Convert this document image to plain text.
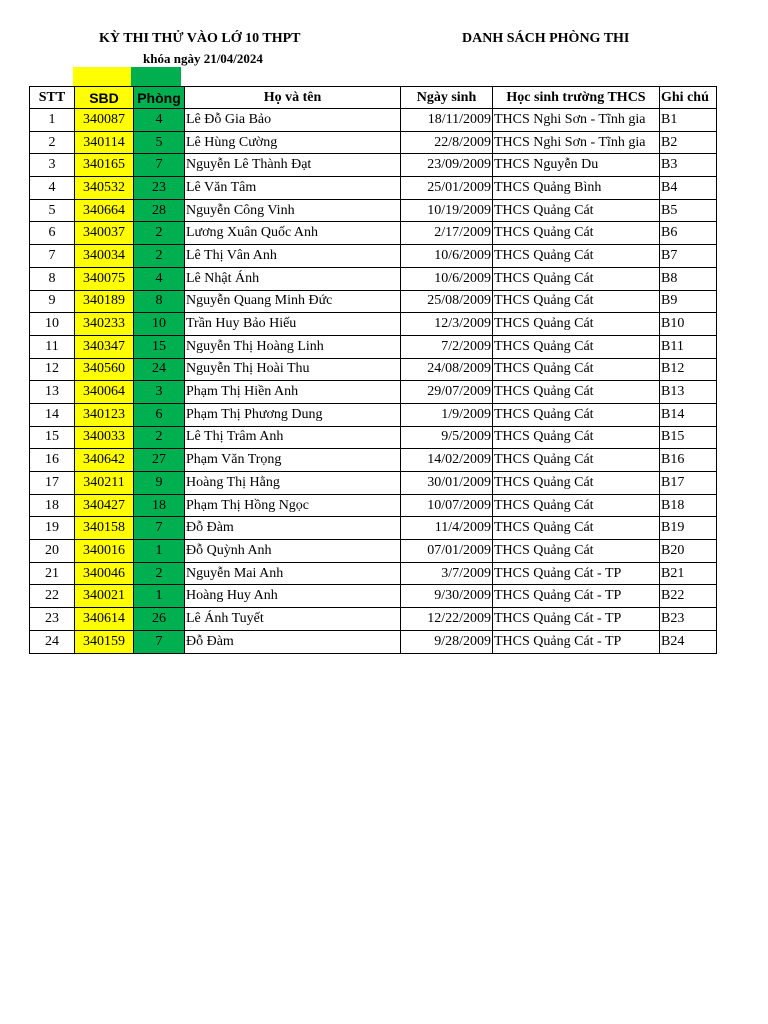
KỲ THI THỬ VÀO LỚ 10 THPT
khóa ngày 21/04/2024
DANH SÁCH PHÒNG THI
STT	SBD	Phòng	Họ và tên	Ngày sinh	Học sinh trường THCS	Ghi chú
1	340087	4	Lê Đỗ Gia Bảo	18/11/2009	THCS Nghi Sơn - Tĩnh gia	B1
2	340114	5	Lê Hùng Cường	22/8/2009	THCS Nghi Sơn - Tĩnh gia	B2
3	340165	7	Nguyễn Lê Thành Đạt	23/09/2009	THCS Nguyễn Du	B3
4	340532	23	Lê Văn Tâm	25/01/2009	THCS Quảng Bình	B4
5	340664	28	Nguyễn Công Vinh	10/19/2009	THCS Quảng Cát	B5
6	340037	2	Lương Xuân Quốc Anh	2/17/2009	THCS Quảng Cát	B6
7	340034	2	Lê Thị Vân Anh	10/6/2009	THCS Quảng Cát	B7
8	340075	4	Lê Nhật Ánh	10/6/2009	THCS Quảng Cát	B8
9	340189	8	Nguyễn Quang Minh Đức	25/08/2009	THCS Quảng Cát	B9
10	340233	10	Trần Huy Bảo Hiếu	12/3/2009	THCS Quảng Cát	B10
11	340347	15	Nguyễn Thị Hoàng Linh	7/2/2009	THCS Quảng Cát	B11
12	340560	24	Nguyễn Thị Hoài Thu	24/08/2009	THCS Quảng Cát	B12
13	340064	3	Phạm Thị Hiền Anh	29/07/2009	THCS Quảng Cát	B13
14	340123	6	Phạm Thị Phương Dung	1/9/2009	THCS Quảng Cát	B14
15	340033	2	Lê Thị Trâm Anh	9/5/2009	THCS Quảng Cát	B15
16	340642	27	Phạm Văn Trọng	14/02/2009	THCS Quảng Cát	B16
17	340211	9	Hoàng Thị Hằng	30/01/2009	THCS Quảng Cát	B17
18	340427	18	Phạm Thị Hồng Ngọc	10/07/2009	THCS Quảng Cát	B18
19	340158	7	Đỗ Đàm	11/4/2009	THCS Quảng Cát	B19
20	340016	1	Đỗ Quỳnh Anh	07/01/2009	THCS Quảng Cát	B20
21	340046	2	Nguyễn Mai Anh	3/7/2009	THCS Quảng Cát - TP	B21
22	340021	1	Hoàng Huy Anh	9/30/2009	THCS Quảng Cát - TP	B22
23	340614	26	Lê Ánh Tuyết	12/22/2009	THCS Quảng Cát - TP	B23
24	340159	7	Đỗ Đàm	9/28/2009	THCS Quảng Cát - TP	B24
